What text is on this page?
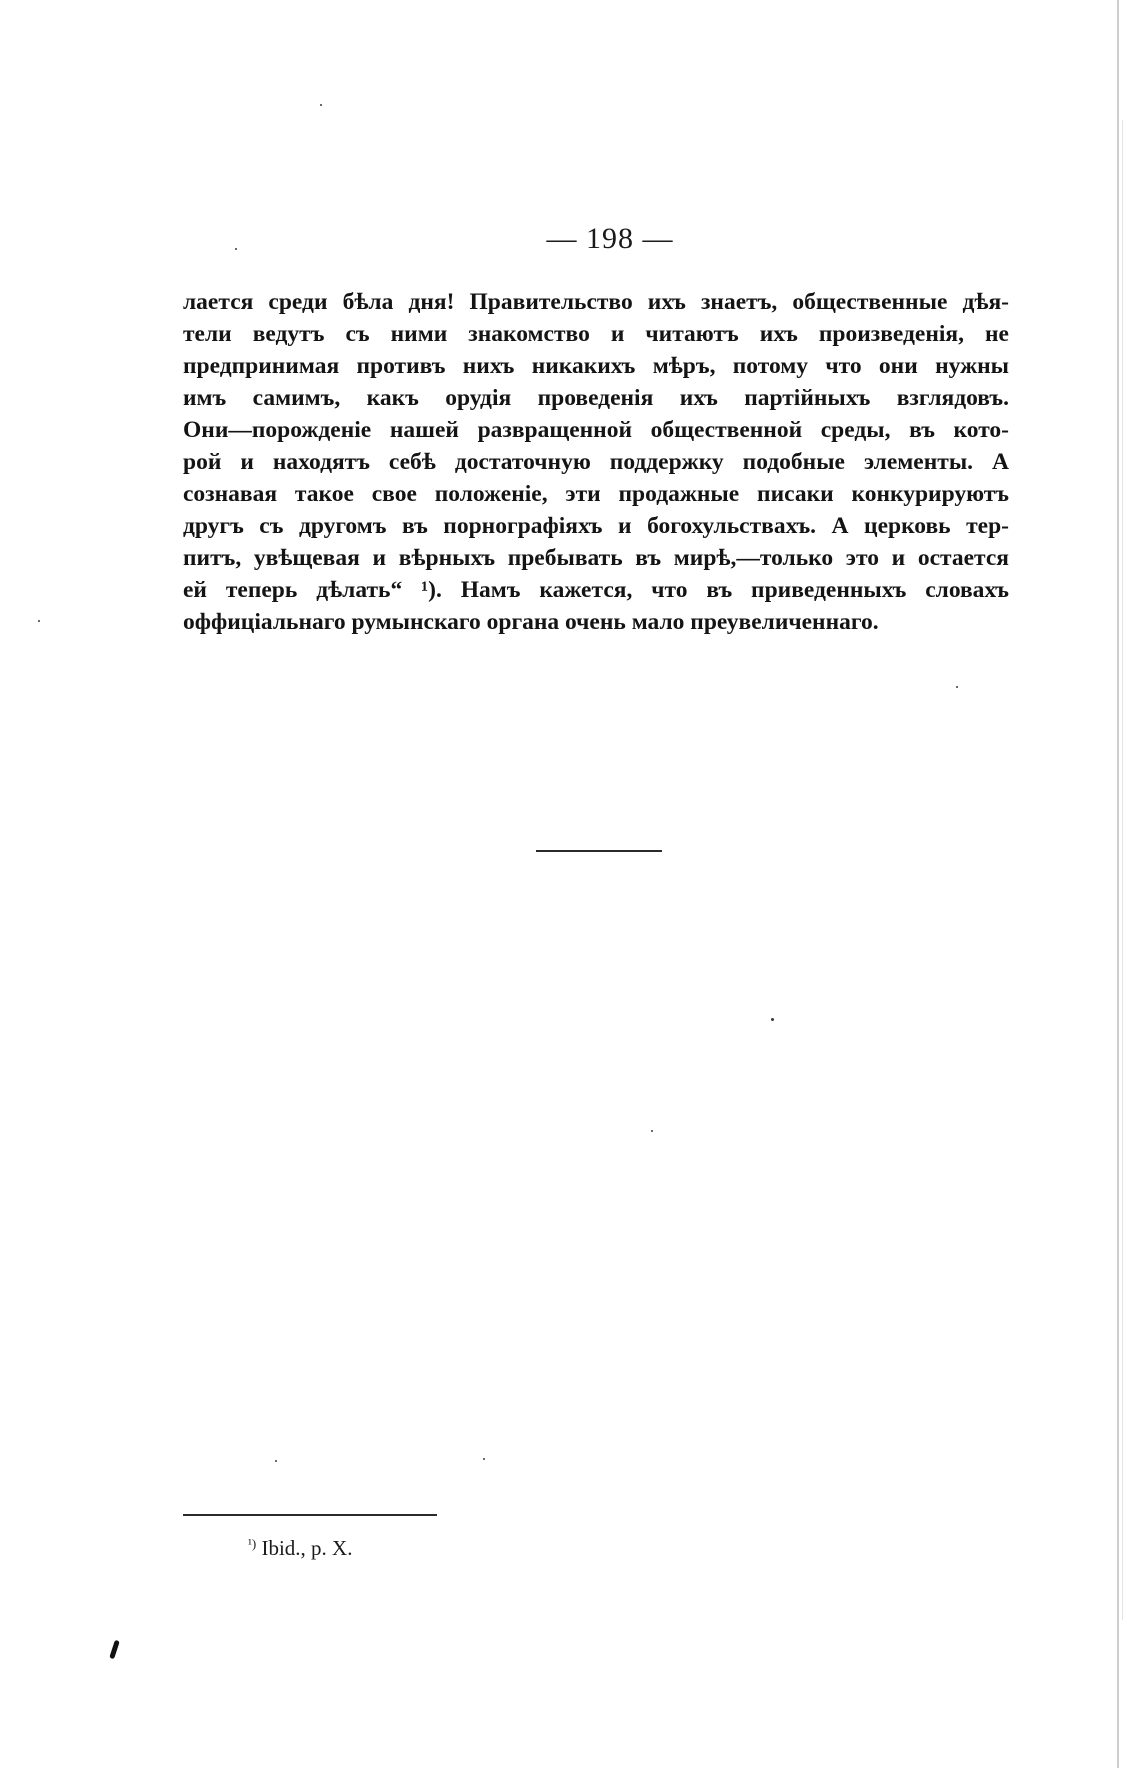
— 198 —
лается среди бѣла дня! Правительство ихъ знаетъ, общественные дѣя-
тели ведутъ съ ними знакомство и читаютъ ихъ произведенія, не
предпринимая противъ нихъ никакихъ мѣръ, потому что они нужны
имъ самимъ, какъ орудія проведенія ихъ партійныхъ взглядовъ.
Они—порожденіе нашей развращенной общественной среды, въ кото-
рой и находятъ себѣ достаточную поддержку подобные элементы. А
сознавая такое свое положеніе, эти продажные писаки конкурируютъ
другъ съ другомъ въ порнографіяхъ и богохульствахъ. А церковь тер-
питъ, увѣщевая и вѣрныхъ пребывать въ мирѣ,—только это и остается
ей теперь дѣлать“ ¹). Намъ кажется, что въ приведенныхъ словахъ
оффиціальнаго румынскаго органа очень мало преувеличеннаго.
$^{^1)}$ Ibid., p. X.
